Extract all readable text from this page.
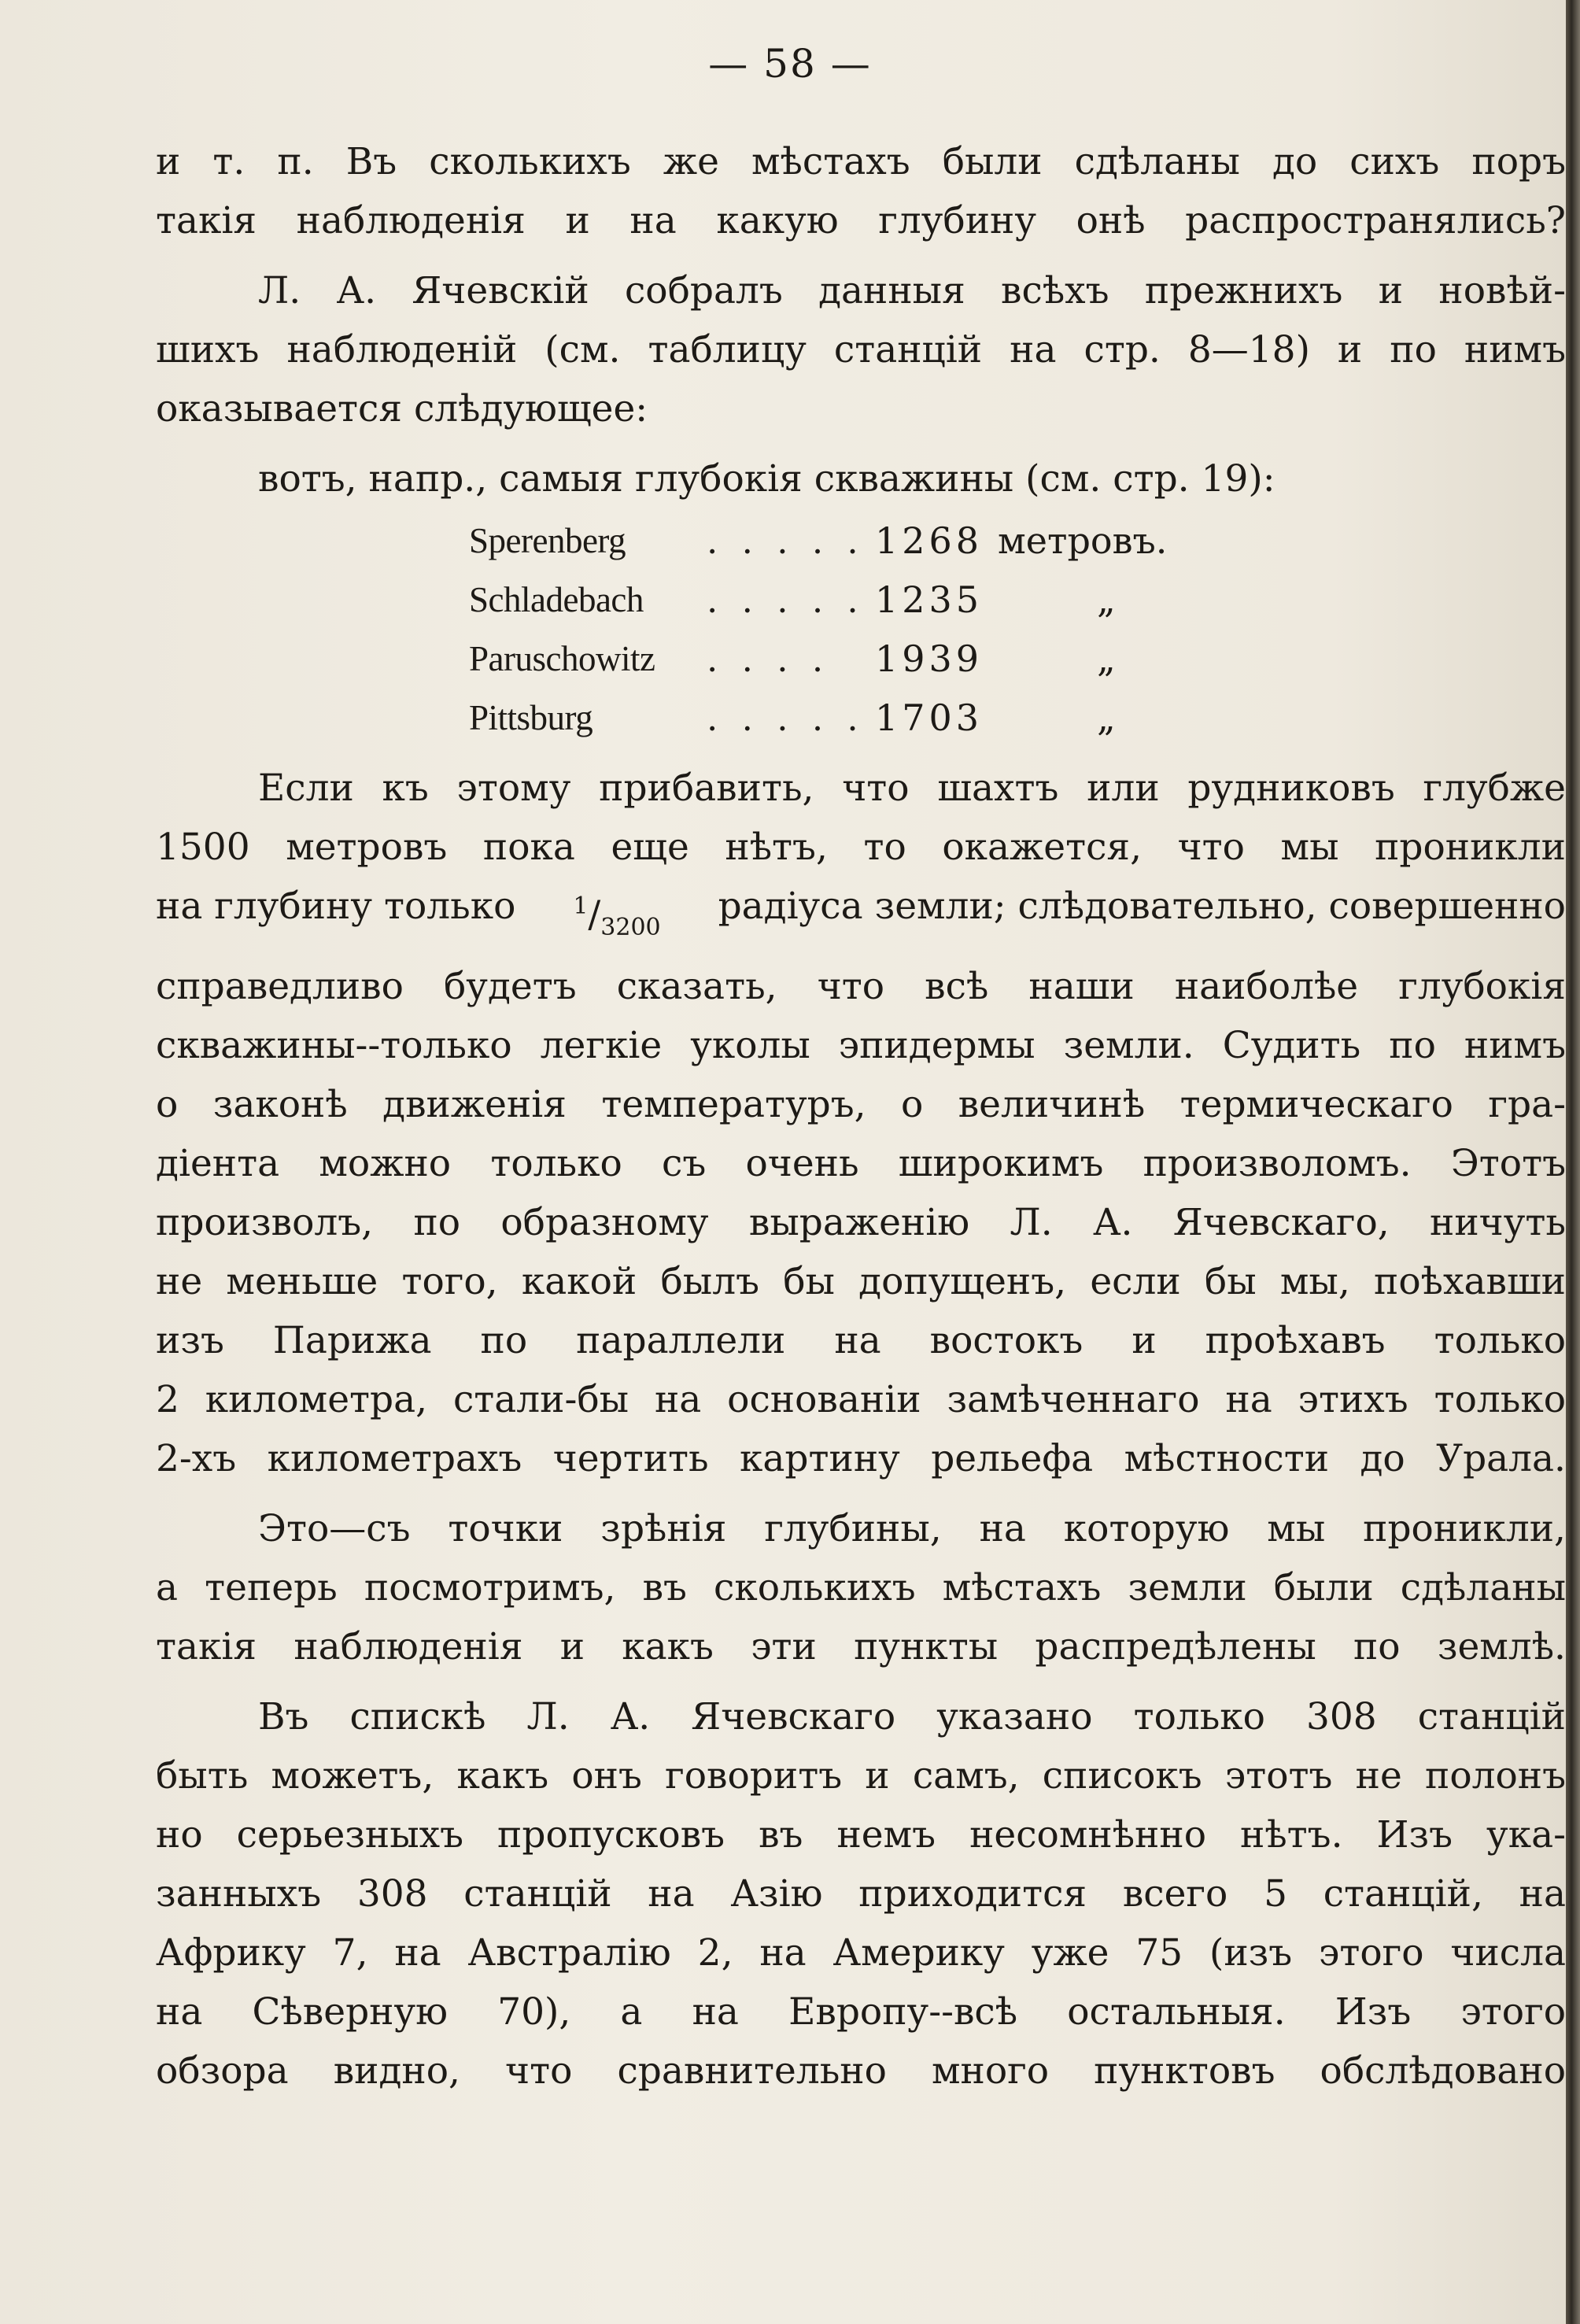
— 58 —
и т. п. Въ сколькихъ же мѣстахъ были сдѣланы до сихъ поръ
такія наблюденія и на какую глубину онѣ распространялись?
Л. А. Ячевскій собралъ данныя всѣхъ прежнихъ и новѣй-
шихъ наблюденій (см. таблицу станцій на стр. 8—18) и по нимъ
оказывается слѣдующее:
вотъ, напр., самыя глубокія скважины (см. стр. 19):
Sperenberg	. . . . . 1268 метровъ.
Schladebach	. . . . . 1235	„
Paruschowitz	. . . .	1939	„
Pittsburg	. . . . . 1703	„
Если къ этому прибавить, что шахтъ или рудниковъ глубже
1500 метровъ пока еще нѣтъ, то окажется, что мы проникли
на глубину только $^1/_{3200}$ радіуса земли; слѣдовательно, совершенно
справедливо будетъ сказать, что всѣ наши наиболѣе глубокія
скважины--только легкіе уколы эпидермы земли. Судить по нимъ
о законѣ движенія температуръ, о величинѣ термическаго гра-
діента можно только съ очень широкимъ произволомъ. Этотъ
произволъ, по образному выраженію Л. А. Ячевскаго, ничуть
не меньше того, какой былъ бы допущенъ, если бы мы, поѣхавши
изъ Парижа по параллели на востокъ и проѣхавъ только
2 километра, стали-бы на основаніи замѣченнаго на этихъ только
2-хъ километрахъ чертить картину рельефа мѣстности до Урала.
Это—съ точки зрѣнія глубины, на которую мы проникли,
а теперь посмотримъ, въ сколькихъ мѣстахъ земли были сдѣланы
такія наблюденія и какъ эти пункты распредѣлены по землѣ.
Въ спискѣ Л. А. Ячевскаго указано только 308 станцій
быть можетъ, какъ онъ говоритъ и самъ, списокъ этотъ не полонъ
но серьезныхъ пропусковъ въ немъ несомнѣнно нѣтъ. Изъ ука-
занныхъ 308 станцій на Азію приходится всего 5 станцій, на
Африку 7, на Австралію 2, на Америку уже 75 (изъ этого числа
на Сѣверную 70), а на Европу--всѣ остальныя. Изъ этого
обзора видно, что сравнительно много пунктовъ обслѣдовано
